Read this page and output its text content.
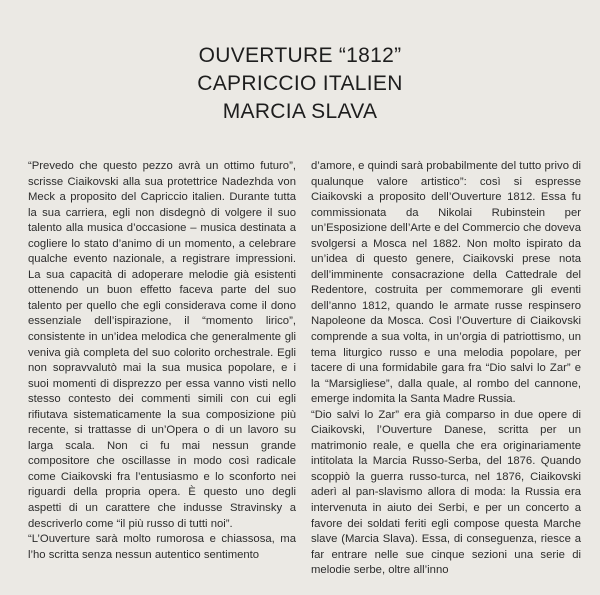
OUVERTURE “1812”
CAPRICCIO ITALIEN
MARCIA SLAVA

“Prevedo che questo pezzo avrà un ottimo futuro”, scrisse Ciaikovski alla sua protettrice Nadezhda von Meck a proposito del Capriccio italien. Durante tutta la sua carriera, egli non disdegnò di volgere il suo talento alla musica d’occasione – musica destinata a cogliere lo stato d’animo di un momento, a celebrare qualche evento nazionale, a registrare impressioni. La sua capacità di adoperare melodie già esistenti ottenendo un buon effetto faceva parte del suo talento per quello che egli considerava come il dono essenziale dell’ispirazione, il “momento lirico”, consistente in un’idea melodica che generalmente gli veniva già completa del suo colorito orchestrale. Egli non sopravvalutò mai la sua musica popolare, e i suoi momenti di disprezzo per essa vanno visti nello stesso contesto dei commenti simili con cui egli rifiutava sistematicamente la sua composizione più recente, si trattasse di un’Opera o di un lavoro su larga scala. Non ci fu mai nessun grande compositore che oscillasse in modo così radicale come Ciaikovski fra l’entusiasmo e lo sconforto nei riguardi della propria opera. È questo uno degli aspetti di un carattere che indusse Stravinsky a descriverlo come “il più russo di tutti noi”.

“L’Ouverture sarà molto rumorosa e chiassosa, ma l’ho scritta senza nessun autentico sentimento

d’amore, e quindi sarà probabilmente del tutto privo di qualunque valore artistico”: così si espresse Ciaikovski a proposito dell’Ouverture 1812. Essa fu commissionata da Nikolai Rubinstein per un’Esposizione dell’Arte e del Commercio che doveva svolgersi a Mosca nel 1882. Non molto ispirato da un’idea di questo genere, Ciaikovski prese nota dell’imminente consacrazione della Cattedrale del Redentore, costruita per commemorare gli eventi dell’anno 1812, quando le armate russe respinsero Napoleone da Mosca. Così l’Ouverture di Ciaikovski comprende a sua volta, in un’orgia di patriottismo, un tema liturgico russo e una melodia popolare, per tacere di una formidabile gara fra “Dio salvi lo Zar” e la “Marsigliese”, dalla quale, al rombo del cannone, emerge indomita la Santa Madre Russia.

“Dio salvi lo Zar” era già comparso in due opere di Ciaikovski, l’Ouverture Danese, scritta per un matrimonio reale, e quella che era originariamente intitolata la Marcia Russo-Serba, del 1876. Quando scoppiò la guerra russo-turca, nel 1876, Ciaikovski aderì al pan-slavismo allora di moda: la Russia era intervenuta in aiuto dei Serbi, e per un concerto a favore dei soldati feriti egli compose questa Marche slave (Marcia Slava). Essa, di conseguenza, riesce a far entrare nelle sue cinque sezioni una serie di melodie serbe, oltre all’inno
